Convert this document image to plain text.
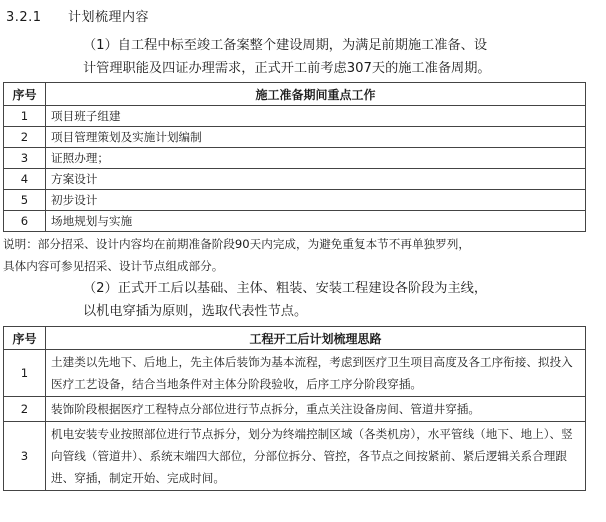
3.2.1 计划梳理内容
（1）自工程中标至竣工备案整个建设周期，为满足前期施工准备、设
计管理职能及四证办理需求，正式开工前考虑307天的施工准备周期。
序号	施工准备期间重点工作
1	项目班子组建
2	项目管理策划及实施计划编制
3	证照办理；
4	方案设计
5	初步设计
6	场地规划与实施
说明：部分招采、设计内容均在前期准备阶段90天内完成，为避免重复本节不再单独罗列，
具体内容可参见招采、设计节点组成部分。
（2）正式开工后以基础、主体、粗装、安装工程建设各阶段为主线，
以机电穿插为原则，选取代表性节点。
序号	工程开工后计划梳理思路
1	土建类以先地下、后地上，先主体后装饰为基本流程，考虑到医疗卫生项目高度及各工序衔接、拟投入医疗工艺设备，结合当地条件对主体分阶段验收，后序工序分阶段穿插。
2	装饰阶段根据医疗工程特点分部位进行节点拆分，重点关注设备房间、管道井穿插。
3	机电安装专业按照部位进行节点拆分，划分为终端控制区域（各类机房），水平管线（地下、地上）、竖向管线（管道井）、系统末端四大部位，分部位拆分、管控，各节点之间按紧前、紧后逻辑关系合理跟进、穿插，制定开始、完成时间。
